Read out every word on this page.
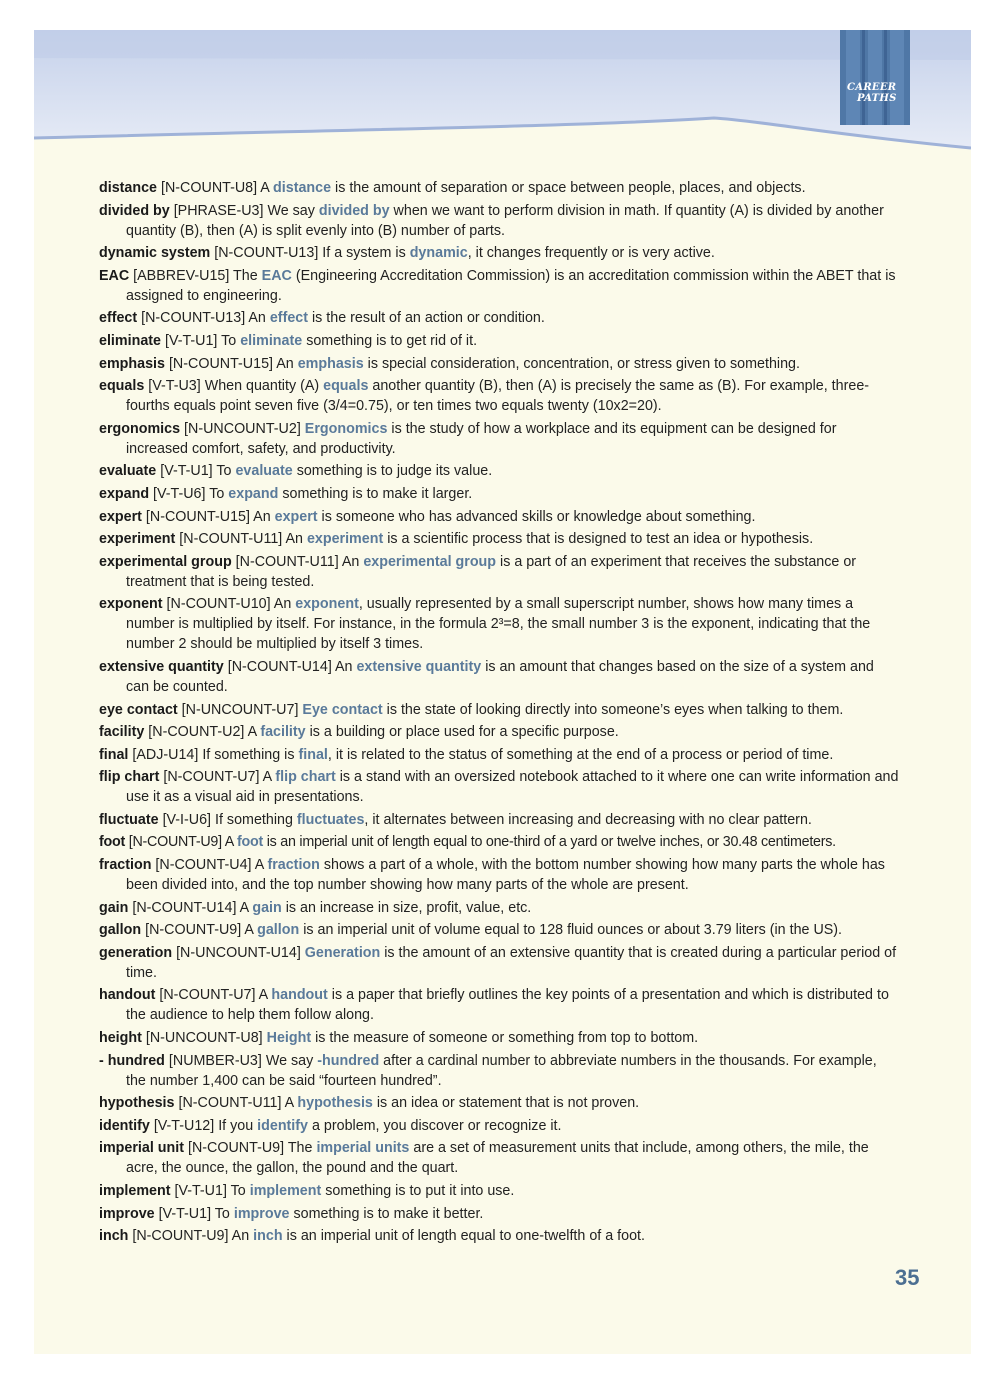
CAREER
PATHS
distance [N-COUNT-U8] A distance is the amount of separation or space between people, places, and objects.
divided by [PHRASE-U3] We say divided by when we want to perform division in math. If quantity (A) is divided by another quantity (B), then (A) is split evenly into (B) number of parts.
dynamic system [N-COUNT-U13] If a system is dynamic, it changes frequently or is very active.
EAC [ABBREV-U15] The EAC (Engineering Accreditation Commission) is an accreditation commission within the ABET that is assigned to engineering.
effect [N-COUNT-U13] An effect is the result of an action or condition.
eliminate [V-T-U1] To eliminate something is to get rid of it.
emphasis [N-COUNT-U15] An emphasis is special consideration, concentration, or stress given to something.
equals [V-T-U3] When quantity (A) equals another quantity (B), then (A) is precisely the same as (B). For example, three-fourths equals point seven five (3/4=0.75), or ten times two equals twenty (10x2=20).
ergonomics [N-UNCOUNT-U2] Ergonomics is the study of how a workplace and its equipment can be designed for increased comfort, safety, and productivity.
evaluate [V-T-U1] To evaluate something is to judge its value.
expand [V-T-U6] To expand something is to make it larger.
expert [N-COUNT-U15] An expert is someone who has advanced skills or knowledge about something.
experiment [N-COUNT-U11] An experiment is a scientific process that is designed to test an idea or hypothesis.
experimental group [N-COUNT-U11] An experimental group is a part of an experiment that receives the substance or treatment that is being tested.
exponent [N-COUNT-U10] An exponent, usually represented by a small superscript number, shows how many times a number is multiplied by itself. For instance, in the formula 2³=8, the small number 3 is the exponent, indicating that the number 2 should be multiplied by itself 3 times.
extensive quantity [N-COUNT-U14] An extensive quantity is an amount that changes based on the size of a system and can be counted.
eye contact [N-UNCOUNT-U7] Eye contact is the state of looking directly into someone’s eyes when talking to them.
facility [N-COUNT-U2] A facility is a building or place used for a specific purpose.
final [ADJ-U14] If something is final, it is related to the status of something at the end of a process or period of time.
flip chart [N-COUNT-U7] A flip chart is a stand with an oversized notebook attached to it where one can write information and use it as a visual aid in presentations.
fluctuate [V-I-U6] If something fluctuates, it alternates between increasing and decreasing with no clear pattern.
foot [N-COUNT-U9] A foot is an imperial unit of length equal to one-third of a yard or twelve inches, or 30.48 centimeters.
fraction [N-COUNT-U4] A fraction shows a part of a whole, with the bottom number showing how many parts the whole has been divided into, and the top number showing how many parts of the whole are present.
gain [N-COUNT-U14] A gain is an increase in size, profit, value, etc.
gallon [N-COUNT-U9] A gallon is an imperial unit of volume equal to 128 fluid ounces or about 3.79 liters (in the US).
generation [N-UNCOUNT-U14] Generation is the amount of an extensive quantity that is created during a particular period of time.
handout [N-COUNT-U7] A handout is a paper that briefly outlines the key points of a presentation and which is distributed to the audience to help them follow along.
height [N-UNCOUNT-U8] Height is the measure of someone or something from top to bottom.
- hundred [NUMBER-U3] We say -hundred after a cardinal number to abbreviate numbers in the thousands. For example, the number 1,400 can be said “fourteen hundred”.
hypothesis [N-COUNT-U11] A hypothesis is an idea or statement that is not proven.
identify [V-T-U12] If you identify a problem, you discover or recognize it.
imperial unit [N-COUNT-U9] The imperial units are a set of measurement units that include, among others, the mile, the acre, the ounce, the gallon, the pound and the quart.
implement [V-T-U1] To implement something is to put it into use.
improve [V-T-U1] To improve something is to make it better.
inch [N-COUNT-U9] An inch is an imperial unit of length equal to one-twelfth of a foot.
35
